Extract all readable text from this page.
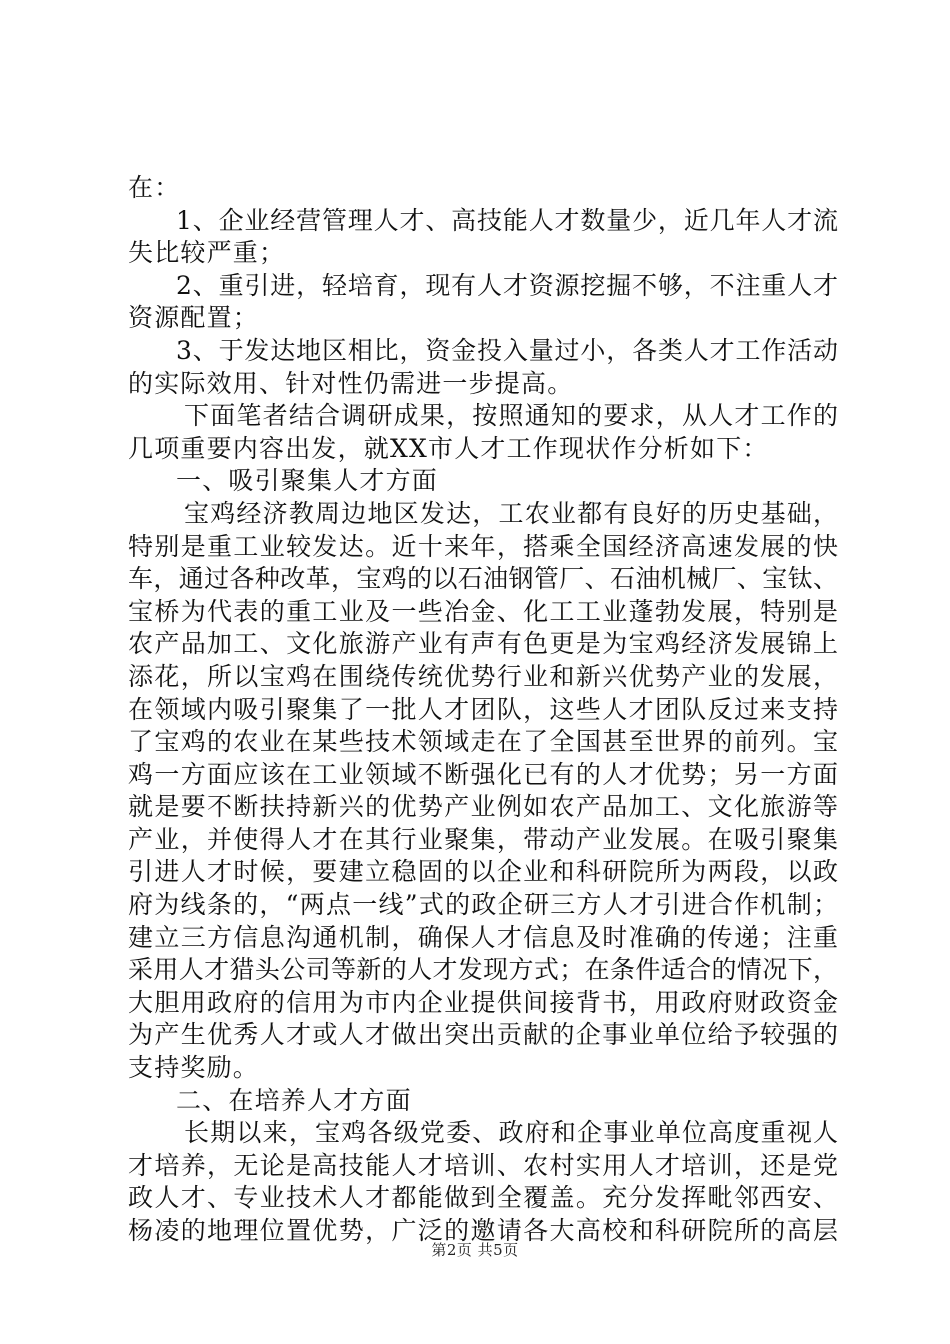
在：
1、企业经营管理人才、高技能人才数量少，近几年人才流
失比较严重；
2、重引进，轻培育，现有人才资源挖掘不够，不注重人才
资源配置；
3、于发达地区相比，资金投入量过小，各类人才工作活动
的实际效用、针对性仍需进一步提高。
下面笔者结合调研成果，按照通知的要求，从人才工作的
几项重要内容出发，就XX市人才工作现状作分析如下：
一、吸引聚集人才方面
宝鸡经济教周边地区发达，工农业都有良好的历史基础，
特别是重工业较发达。近十来年，搭乘全国经济高速发展的快
车，通过各种改革，宝鸡的以石油钢管厂、石油机械厂、宝钛、
宝桥为代表的重工业及一些冶金、化工工业蓬勃发展，特别是
农产品加工、文化旅游产业有声有色更是为宝鸡经济发展锦上
添花，所以宝鸡在围绕传统优势行业和新兴优势产业的发展，
在领域内吸引聚集了一批人才团队，这些人才团队反过来支持
了宝鸡的农业在某些技术领域走在了全国甚至世界的前列。宝
鸡一方面应该在工业领域不断强化已有的人才优势；另一方面
就是要不断扶持新兴的优势产业例如农产品加工、文化旅游等
产业，并使得人才在其行业聚集，带动产业发展。在吸引聚集
引进人才时候，要建立稳固的以企业和科研院所为两段，以政
府为线条的，“两点一线”式的政企研三方人才引进合作机制；
建立三方信息沟通机制，确保人才信息及时准确的传递；注重
采用人才猎头公司等新的人才发现方式；在条件适合的情况下，
大胆用政府的信用为市内企业提供间接背书，用政府财政资金
为产生优秀人才或人才做出突出贡献的企事业单位给予较强的
支持奖励。
二、在培养人才方面
长期以来，宝鸡各级党委、政府和企事业单位高度重视人
才培养，无论是高技能人才培训、农村实用人才培训，还是党
政人才、专业技术人才都能做到全覆盖。充分发挥毗邻西安、
杨凌的地理位置优势，广泛的邀请各大高校和科研院所的高层
第2页 共5页
